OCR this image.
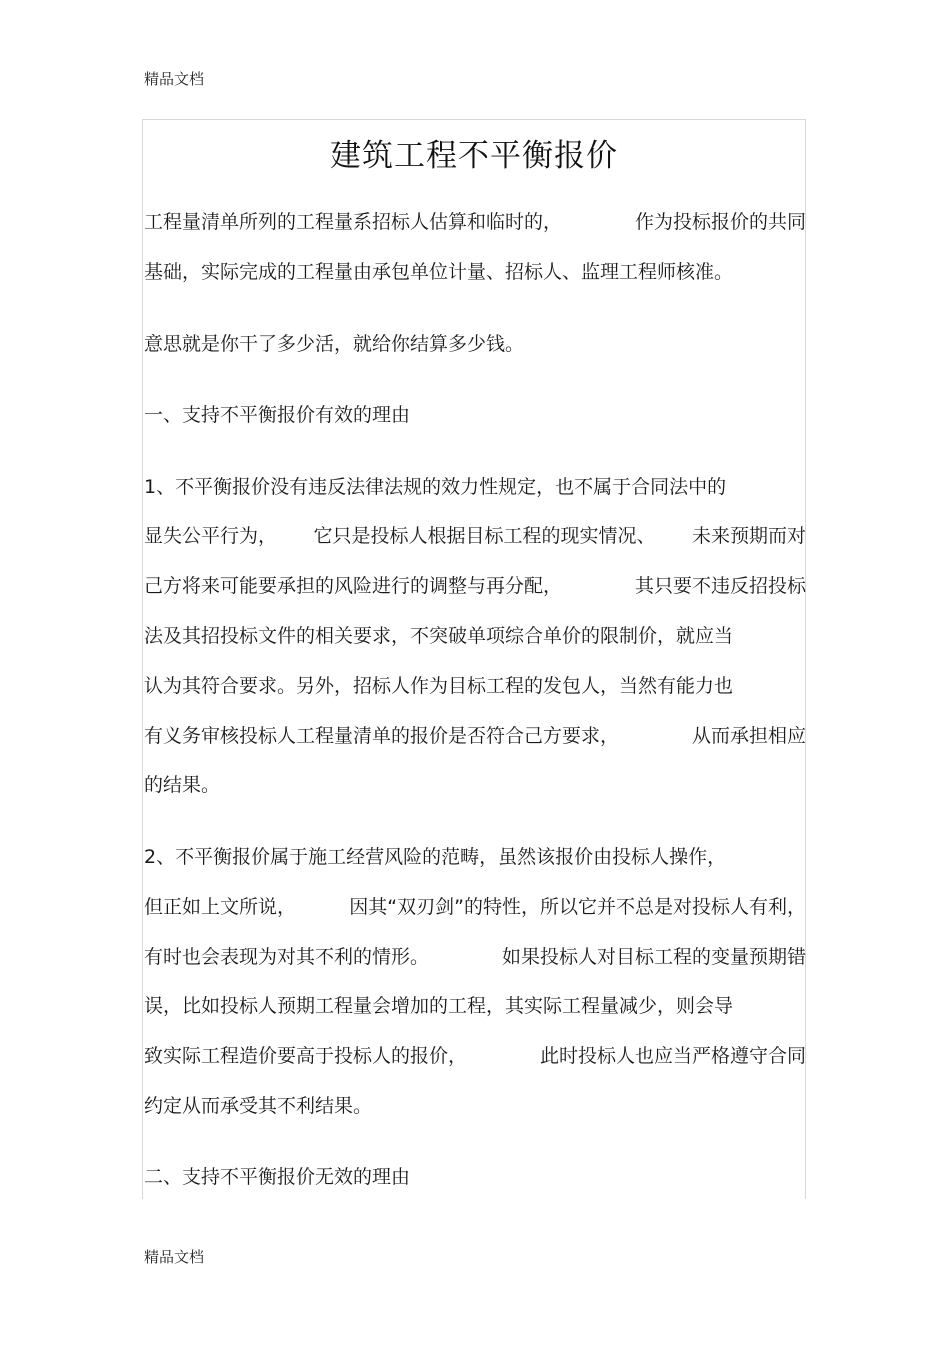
精品文档
建筑工程不平衡报价
工程量清单所列的工程量系招标人估算和临时的，	作为投标报价的共同
基础，实际完成的工程量由承包单位计量、招标人、监理工程师核准。
意思就是你干了多少活，就给你结算多少钱。
一、支持不平衡报价有效的理由
1、不平衡报价没有违反法律法规的效力性规定，也不属于合同法中的
显失公平行为， 它只是投标人根据目标工程的现实情况、 未来预期而对
己方将来可能要承担的风险进行的调整与再分配，	其只要不违反招投标
法及其招投标文件的相关要求，不突破单项综合单价的限制价，就应当
认为其符合要求。另外，招标人作为目标工程的发包人，当然有能力也
有义务审核投标人工程量清单的报价是否符合己方要求，	从而承担相应
的结果。
2、不平衡报价属于施工经营风险的范畴，虽然该报价由投标人操作，
但正如上文所说，	因其“双刃剑”的特性，所以它并不总是对投标人有利，
有时也会表现为对其不利的情形。	如果投标人对目标工程的变量预期错
误，比如投标人预期工程量会增加的工程，其实际工程量减少，则会导
致实际工程造价要高于投标人的报价，	此时投标人也应当严格遵守合同
约定从而承受其不利结果。
二、支持不平衡报价无效的理由
精品文档
